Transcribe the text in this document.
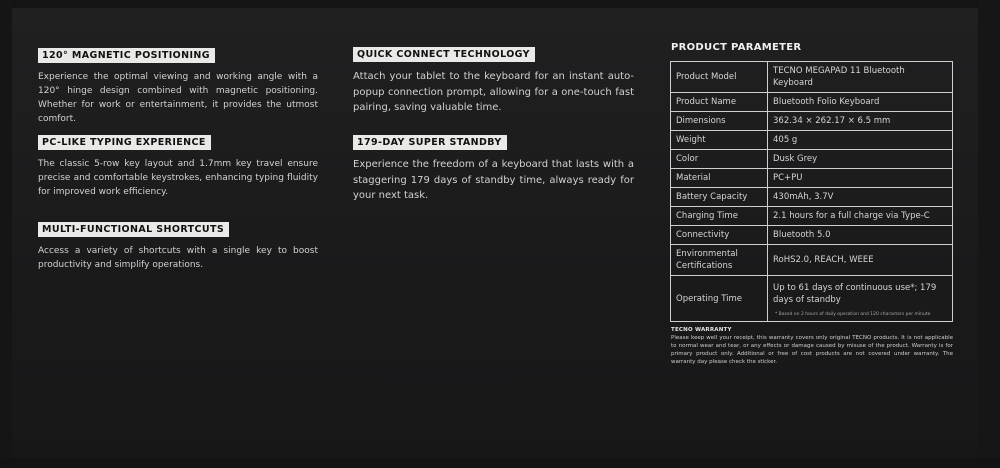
120° MAGNETIC POSITIONING
Experience the optimal viewing and working angle with a 120° hinge design combined with magnetic positioning. Whether for work or entertainment, it provides the utmost comfort.
PC-LIKE TYPING EXPERIENCE
The classic 5-row key layout and 1.7mm key travel ensure precise and comfortable keystrokes, enhancing typing fluidity for improved work efficiency.
MULTI-FUNCTIONAL SHORTCUTS
Access a variety of shortcuts with a single key to boost productivity and simplify operations.
QUICK CONNECT TECHNOLOGY
Attach your tablet to the keyboard for an instant auto-popup connection prompt, allowing for a one-touch fast pairing, saving valuable time.
179-DAY SUPER STANDBY
Experience the freedom of a keyboard that lasts with a staggering 179 days of standby time, always ready for your next task.
PRODUCT PARAMETER
Product Model	TECNO MEGAPAD 11 Bluetooth Keyboard
Product Name	Bluetooth Folio Keyboard
Dimensions	362.34 × 262.17 × 6.5 mm
Weight	405 g
Color	Dusk Grey
Material	PC+PU
Battery Capacity	430mAh, 3.7V
Charging Time	2.1 hours for a full charge via Type-C
Connectivity	Bluetooth 5.0
Environmental Certifications	RoHS2.0, REACH, WEEE
Operating Time	Up to 61 days of continuous use*; 179 days of standby
* Based on 2 hours of daily operation and 120 characters per minute
TECNO WARRANTY
Please keep well your receipt, this warranty covers only original TECNO products. It is not applicable to normal wear and tear, or any effects or damage caused by misuse of the product. Warranty is for primary product only. Additional or free of cost products are not covered under warranty. The warranty day please check the sticker.
